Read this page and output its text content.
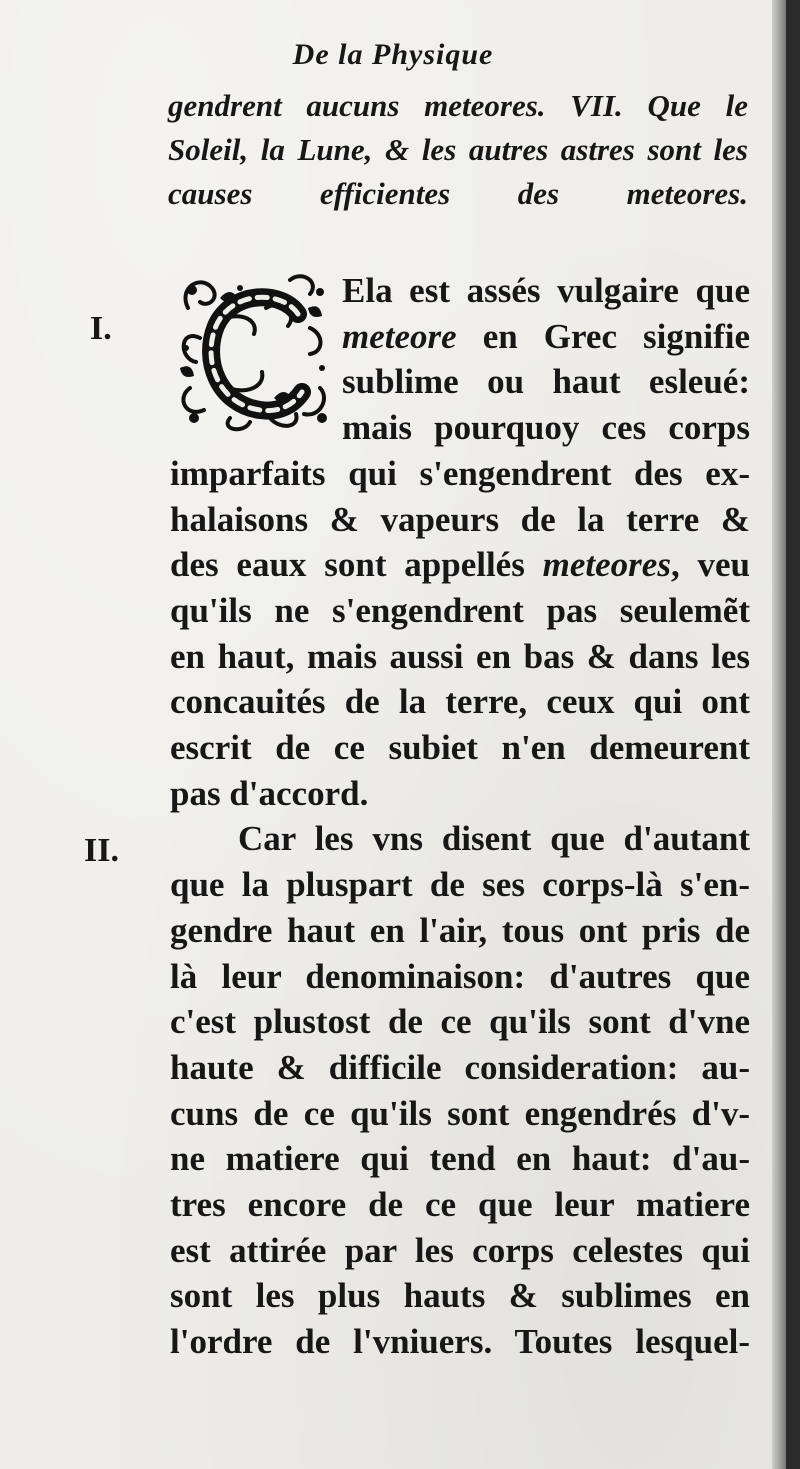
De la Physique
gendrent aucuns meteores. VII. Que le
Soleil, la Lune, & les autres astres sont les
causes efficientes des meteores.
I.
II.
Ela est assés vulgaire que
meteore en Grec signifie
sublime ou haut esleué:
mais pourquoy ces corps
imparfaits qui s'engendrent des ex-
halaisons & vapeurs de la terre &
des eaux sont appellés meteores, veu
qu'ils ne s'engendrent pas seulemẽt
en haut, mais aussi en bas & dans les
concauités de la terre, ceux qui ont
escrit de ce subiet n'en demeurent
pas d'accord.
Car les vns disent que d'autant
que la pluspart de ses corps-là s'en-
gendre haut en l'air, tous ont pris de
là leur denominaison: d'autres que
c'est plustost de ce qu'ils sont d'vne
haute & difficile consideration: au-
cuns de ce qu'ils sont engendrés d'v-
ne matiere qui tend en haut: d'au-
tres encore de ce que leur matiere
est attirée par les corps celestes qui
sont les plus hauts & sublimes en
l'ordre de l'vniuers. Toutes lesquel-
